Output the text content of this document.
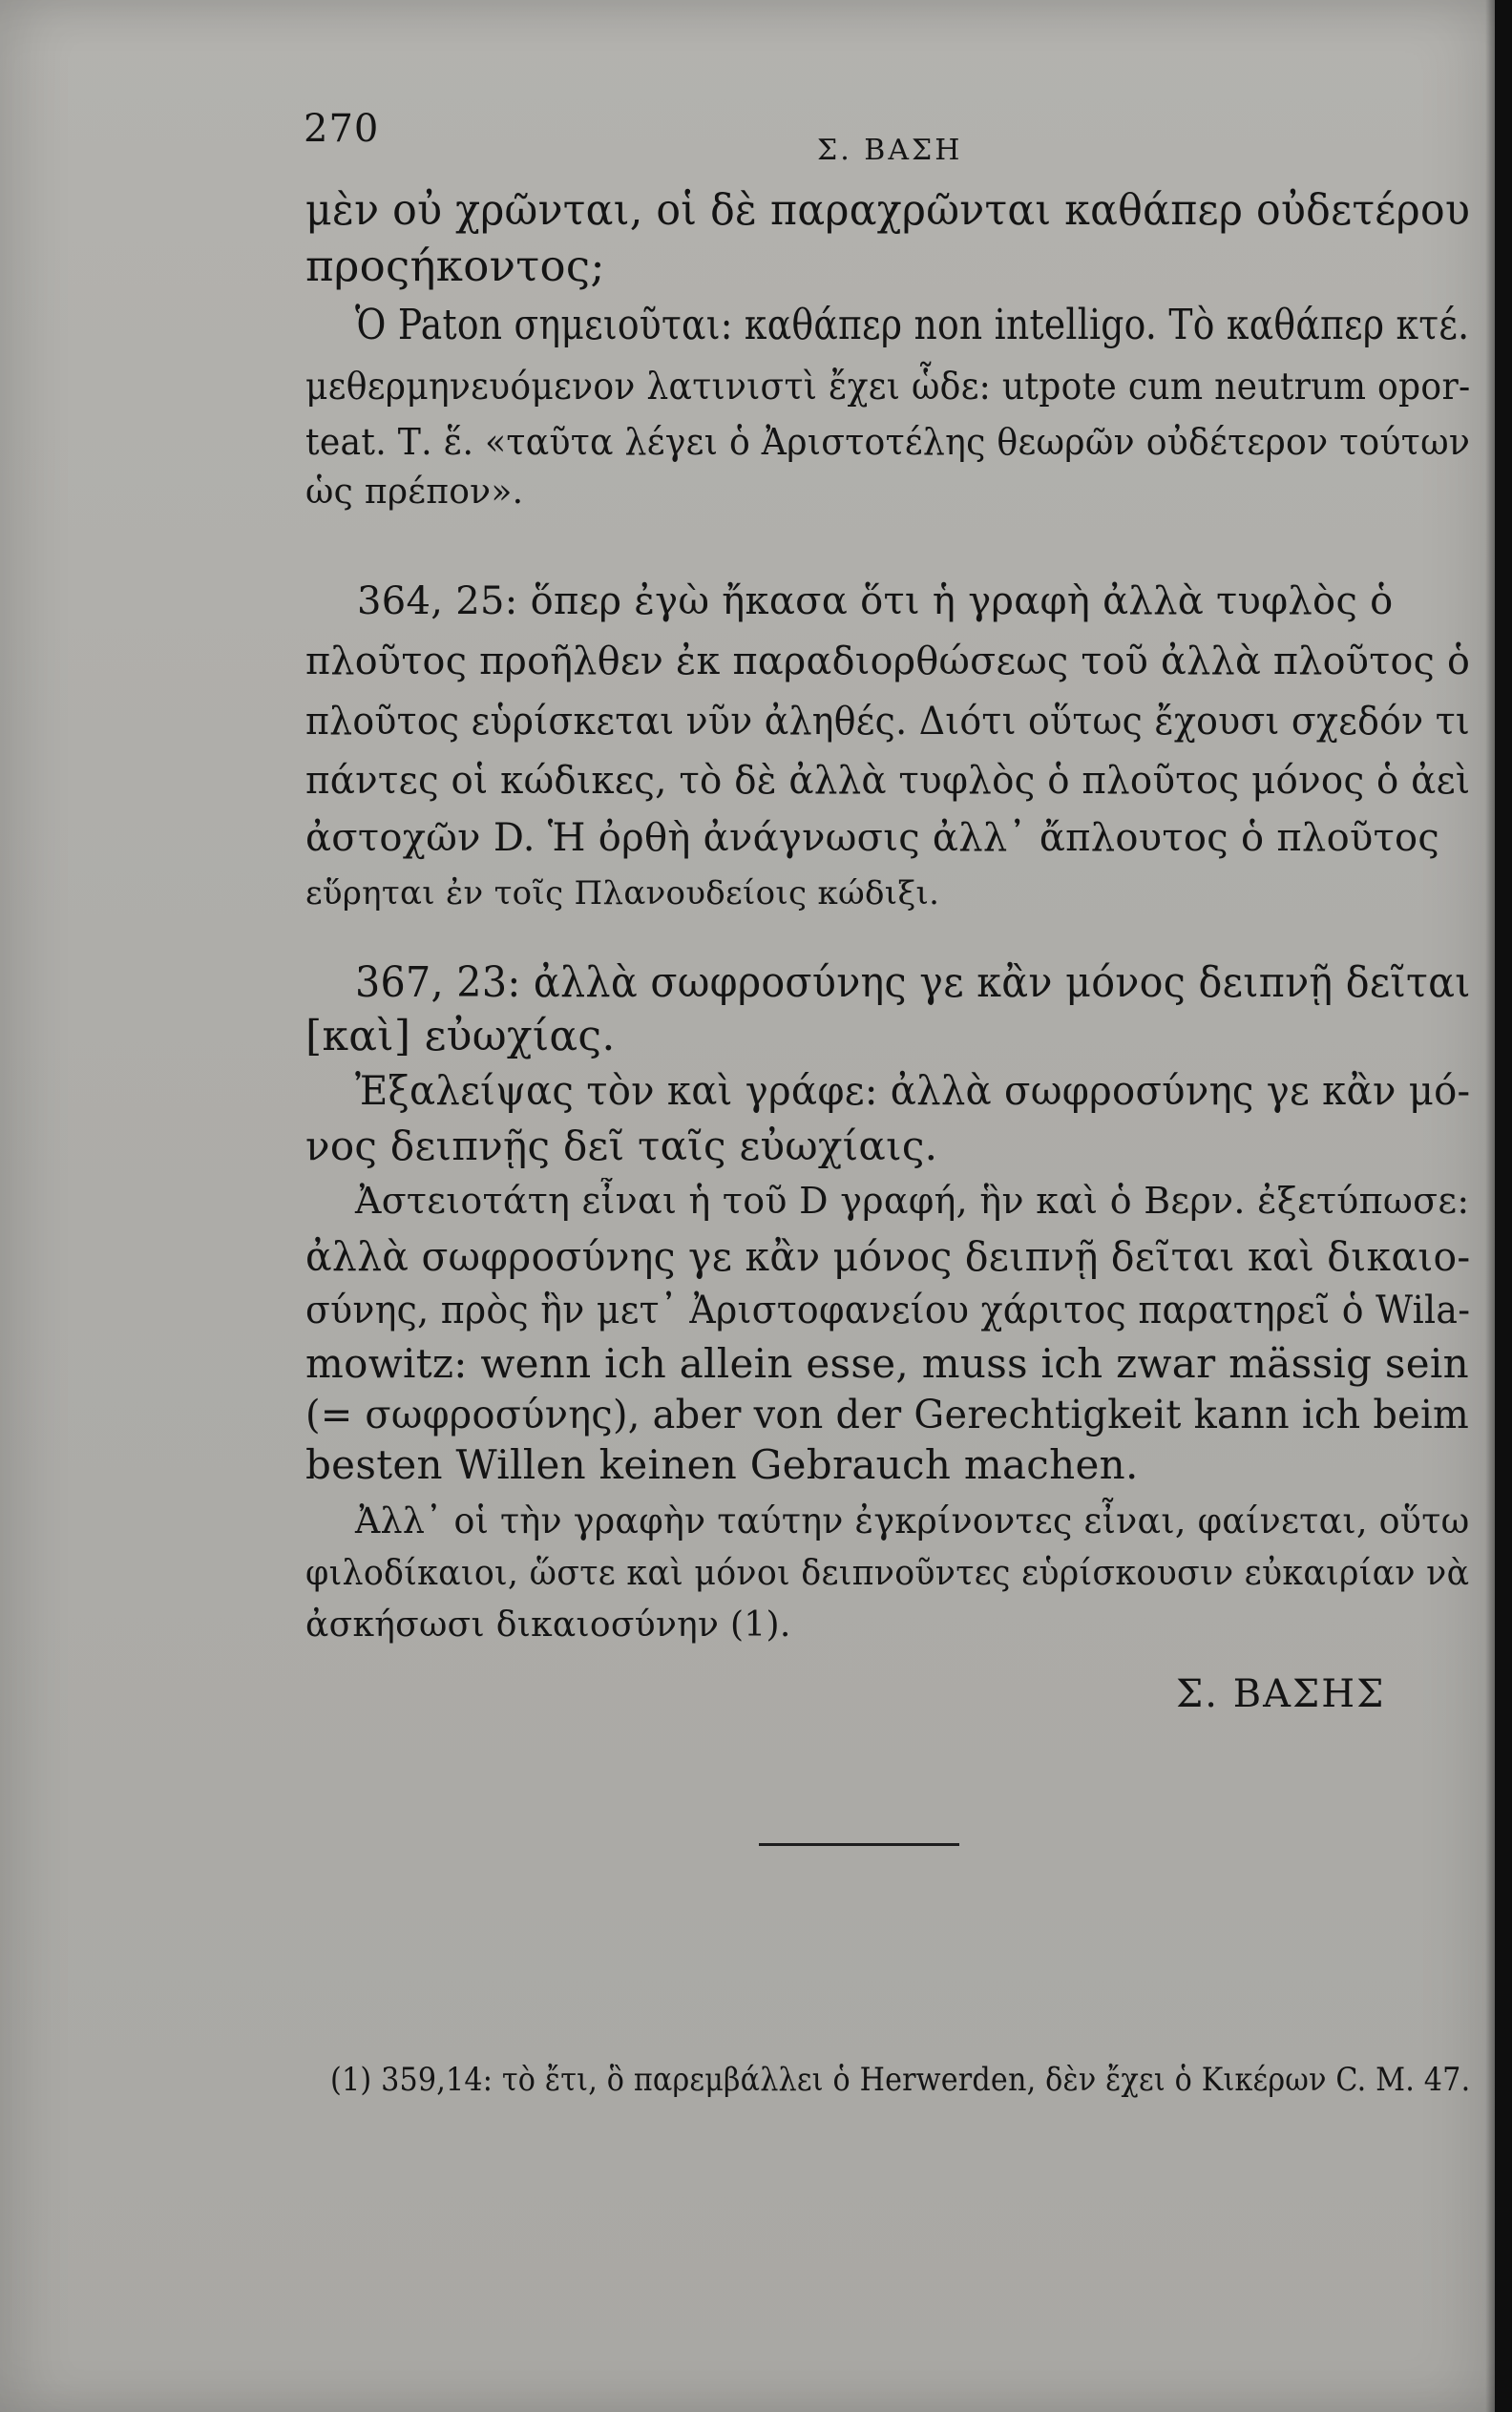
270	Σ. ΒΑΣΗ
μὲν οὐ χρῶνται, οἱ δὲ παραχρῶνται καθάπερ οὐδετέρου
προςήκοντος;
Ὁ Paton σημειοῦται: καθάπερ non intelligo. Τὸ καθάπερ κτέ.
μεθερμηνευόμενον λατινιστὶ ἔχει ὧδε: utpote cum neutrum opor-
teat. Τ. ἕ. «ταῦτα λέγει ὁ Ἀριστοτέλης θεωρῶν οὐδέτερον τούτων
ὡς πρέπον».
364, 25: ὅπερ ἐγὼ ἤκασα ὅτι ἡ γραφὴ ἀλλὰ τυφλὸς ὁ
πλοῦτος προῆλθεν ἐκ παραδιορθώσεως τοῦ ἀλλὰ πλοῦτος ὁ
πλοῦτος εὑρίσκεται νῦν ἀληθές. Διότι οὕτως ἔχουσι σχεδόν τι
πάντες οἱ κώδικες, τὸ δὲ ἀλλὰ τυφλὸς ὁ πλοῦτος μόνος ὁ ἀεὶ
ἀστοχῶν D. Ἡ ὀρθὴ ἀνάγνωσις ἀλλ᾽ ἄπλουτος ὁ πλοῦτος
εὕρηται ἐν τοῖς Πλανουδείοις κώδιξι.
367, 23: ἀλλὰ σωφροσύνης γε κἂν μόνος δειπνῇ δεῖται
[καὶ] εὐωχίας.
Ἐξαλείψας τὸν καὶ γράφε: ἀλλὰ σωφροσύνης γε κἂν μό-
νος δειπνῇς δεῖ ταῖς εὐωχίαις.
Ἀστειοτάτη εἶναι ἡ τοῦ D γραφή, ἣν καὶ ὁ Βερν. ἐξετύπωσε:
ἀλλὰ σωφροσύνης γε κἂν μόνος δειπνῇ δεῖται καὶ δικαιο-
σύνης, πρὸς ἣν μετ᾽ Ἀριστοφανείου χάριτος παρατηρεῖ ὁ Wila-
mowitz: wenn ich allein esse, muss ich zwar mässig sein
(= σωφροσύνης), aber von der Gerechtigkeit kann ich beim
besten Willen keinen Gebrauch machen.
Ἀλλ᾽ οἱ τὴν γραφὴν ταύτην ἐγκρίνοντες εἶναι, φαίνεται, οὕτω
φιλοδίκαιοι, ὥστε καὶ μόνοι δειπνοῦντες εὑρίσκουσιν εὐκαιρίαν νὰ
ἀσκήσωσι δικαιοσύνην (1).
Σ. ΒΑΣΗΣ
(1) 359,14: τὸ ἔτι, ὃ παρεμβάλλει ὁ Herwerden, δὲν ἔχει ὁ Κικέρων C. M. 47.
